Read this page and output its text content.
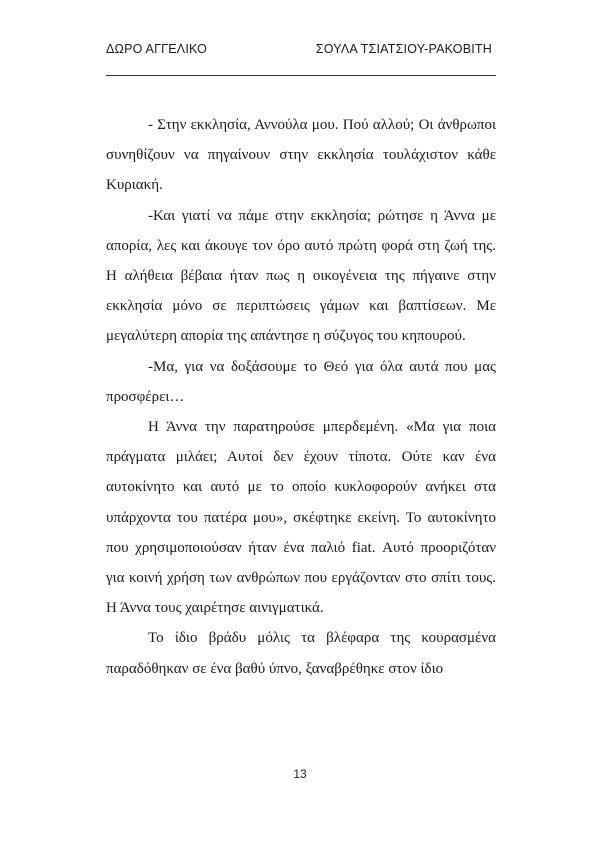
ΔΩΡΟ ΑΓΓΕΛΙΚΟ	ΣΟΥΛΑ ΤΣΙΑΤΣΙΟΥ-ΡΑΚΟΒΙΤΗ

- Στην εκκλησία, Αννούλα μου. Πού αλλού; Οι άνθρωποι συνηθίζουν να πηγαίνουν στην εκκλησία τουλάχιστον κάθε Κυριακή.

-Και γιατί να πάμε στην εκκλησία; ρώτησε η Άννα με απορία, λες και άκουγε τον όρο αυτό πρώτη φορά στη ζωή της. Η αλήθεια βέβαια ήταν πως η οικογένεια της πήγαινε στην εκκλησία μόνο σε περιπτώσεις γάμων και βαπτίσεων. Με μεγαλύτερη απορία της απάντησε η σύζυγος του κηπουρού.

-Μα, για να δοξάσουμε το Θεό για όλα αυτά που μας προσφέρει…

Η Άννα την παρατηρούσε μπερδεμένη. «Μα για ποια πράγματα μιλάει; Αυτοί δεν έχουν τίποτα. Ούτε καν ένα αυτοκίνητο και αυτό με το οποίο κυκλοφορούν ανήκει στα υπάρχοντα του πατέρα μου», σκέφτηκε εκείνη. Το αυτοκίνητο που χρησιμοποιούσαν ήταν ένα παλιό fiat. Αυτό προοριζόταν για κοινή χρήση των ανθρώπων που εργάζονταν στο σπίτι τους. Η Άννα τους χαιρέτησε αινιγματικά.

Το ίδιο βράδυ μόλις τα βλέφαρα της κουρασμένα παραδόθηκαν σε ένα βαθύ ύπνο, ξαναβρέθηκε στον ίδιο

13
